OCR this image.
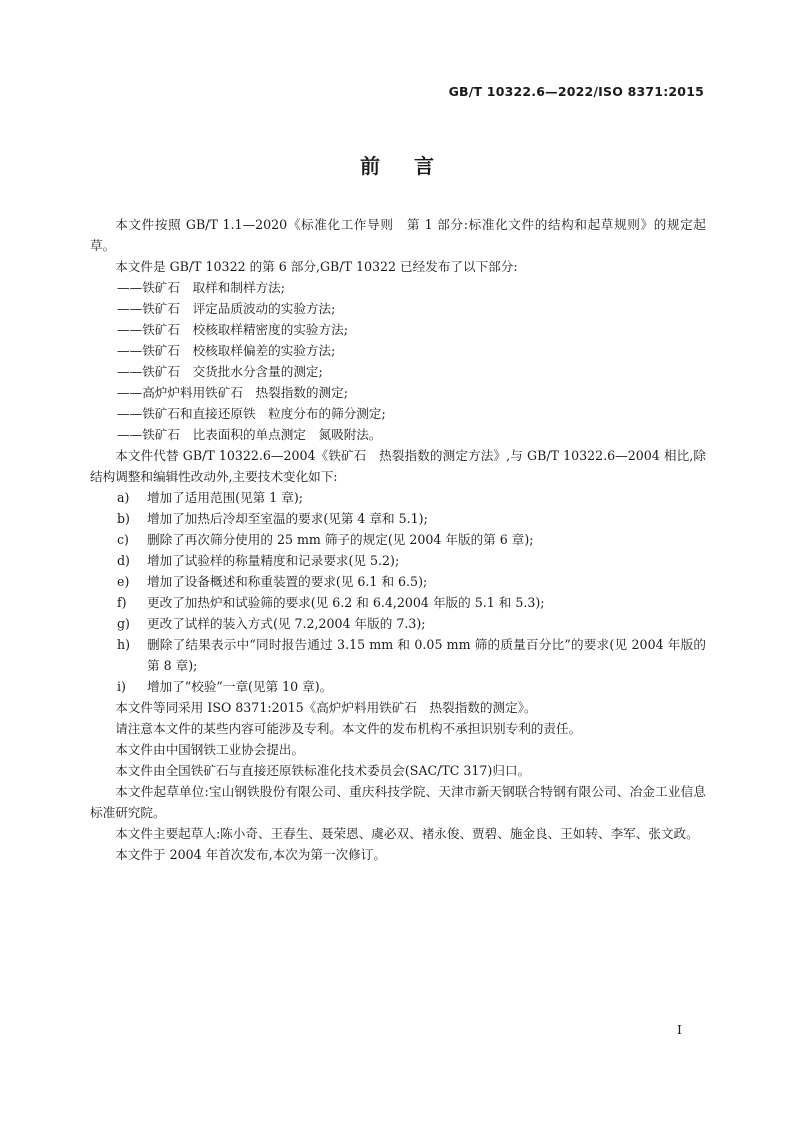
GB/T 10322.6—2022/ISO 8371:2015
前言

本文件按照 GB/T 1.1—2020《标准化工作导则　第 1 部分:标准化文件的结构和起草规则》的规定起草。

本文件是 GB/T 10322 的第 6 部分,GB/T 10322 已经发布了以下部分:

——铁矿石　取样和制样方法;

——铁矿石　评定品质波动的实验方法;

——铁矿石　校核取样精密度的实验方法;

——铁矿石　校核取样偏差的实验方法;

——铁矿石　交货批水分含量的测定;

——高炉炉料用铁矿石　热裂指数的测定;

——铁矿石和直接还原铁　粒度分布的筛分测定;

——铁矿石　比表面积的单点测定　氮吸附法。

本文件代替 GB/T 10322.6—2004《铁矿石　热裂指数的测定方法》,与 GB/T 10322.6—2004 相比,除结构调整和编辑性改动外,主要技术变化如下:

a)	增加了适用范围(见第 1 章);
b)	增加了加热后冷却至室温的要求(见第 4 章和 5.1);
c)	删除了再次筛分使用的 25 mm 筛子的规定(见 2004 年版的第 6 章);
d)	增加了试验样的称量精度和记录要求(见 5.2);
e)	增加了设备概述和称重装置的要求(见 6.1 和 6.5);
f)	更改了加热炉和试验筛的要求(见 6.2 和 6.4,2004 年版的 5.1 和 5.3);
g)	更改了试样的装入方式(见 7.2,2004 年版的 7.3);
h)	删除了结果表示中“同时报告通过 3.15 mm 和 0.05 mm 筛的质量百分比”的要求(见 2004 年版的第 8 章);
i)	增加了“校验”一章(见第 10 章)。

本文件等同采用 ISO 8371:2015《高炉炉料用铁矿石　热裂指数的测定》。

请注意本文件的某些内容可能涉及专利。本文件的发布机构不承担识别专利的责任。

本文件由中国钢铁工业协会提出。

本文件由全国铁矿石与直接还原铁标准化技术委员会(SAC/TC 317)归口。

本文件起草单位:宝山钢铁股份有限公司、重庆科技学院、天津市新天钢联合特钢有限公司、冶金工业信息标准研究院。

本文件主要起草人:陈小奇、王春生、聂荣恩、虞必双、褚永俊、贾碧、施金良、王如转、李军、张文政。

本文件于 2004 年首次发布,本次为第一次修订。

I
